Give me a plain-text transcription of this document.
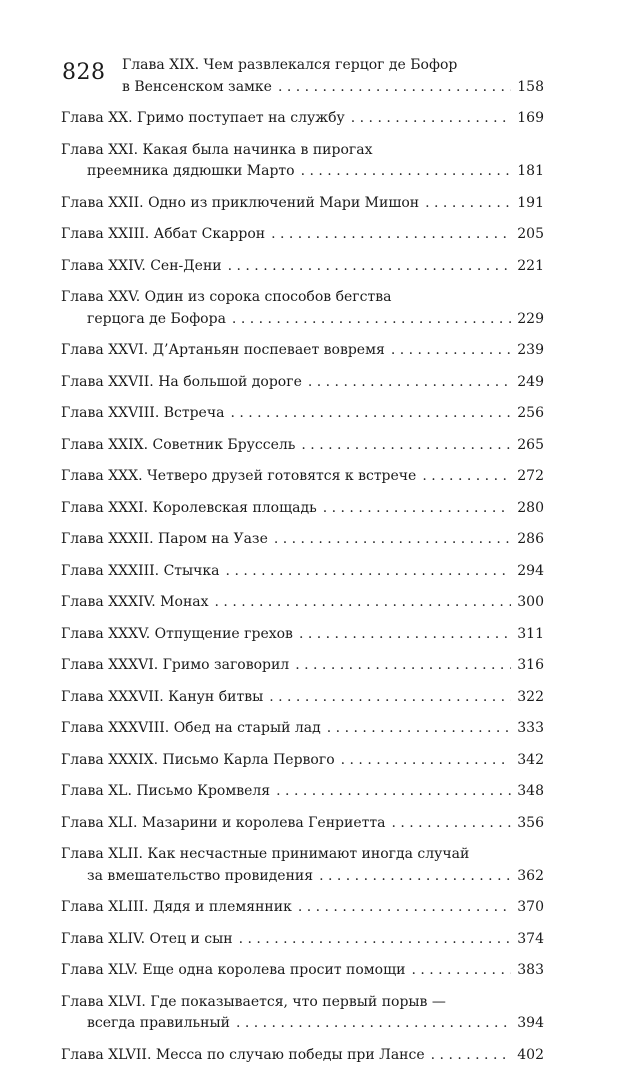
828	Глава XIX. Чем развлекался герцог де Бофор
в Венсенском замке . . .	158
Глава XX. Гримо поступает на службу . . .	169
Глава XXI. Какая была начинка в пирогах
преемника дядюшки Марто . . .	181
Глава XXII. Одно из приключений Мари Мишон . . .	191
Глава XXIII. Аббат Скаррон . . .	205
Глава XXIV. Сен-Дени . . .	221
Глава XXV. Один из сорока способов бегства
герцога де Бофора . . .	229
Глава XXVI. Д’Артаньян поспевает вовремя . . .	239
Глава XXVII. На большой дороге . . .	249
Глава XXVIII. Встреча . . .	256
Глава XXIX. Советник Бруссель . . .	265
Глава XXX. Четверо друзей готовятся к встрече . . .	272
Глава XXXI. Королевская площадь . . .	280
Глава XXXII. Паром на Уазе . . .	286
Глава XXXIII. Стычка . . .	294
Глава XXXIV. Монах . . .	300
Глава XXXV. Отпущение грехов . . .	311
Глава XXXVI. Гримо заговорил . . .	316
Глава XXXVII. Канун битвы . . .	322
Глава XXXVIII. Обед на старый лад . . .	333
Глава XXXIX. Письмо Карла Первого . . .	342
Глава XL. Письмо Кромвеля . . .	348
Глава XLI. Мазарини и королева Генриетта . . .	356
Глава XLII. Как несчастные принимают иногда случай
за вмешательство провидения . . .	362
Глава XLIII. Дядя и племянник . . .	370
Глава XLIV. Отец и сын . . .	374
Глава XLV. Еще одна королева просит помощи . . .	383
Глава XLVI. Где показывается, что первый порыв —
всегда правильный . . .	394
Глава XLVII. Месса по случаю победы при Лансе . . .	402
